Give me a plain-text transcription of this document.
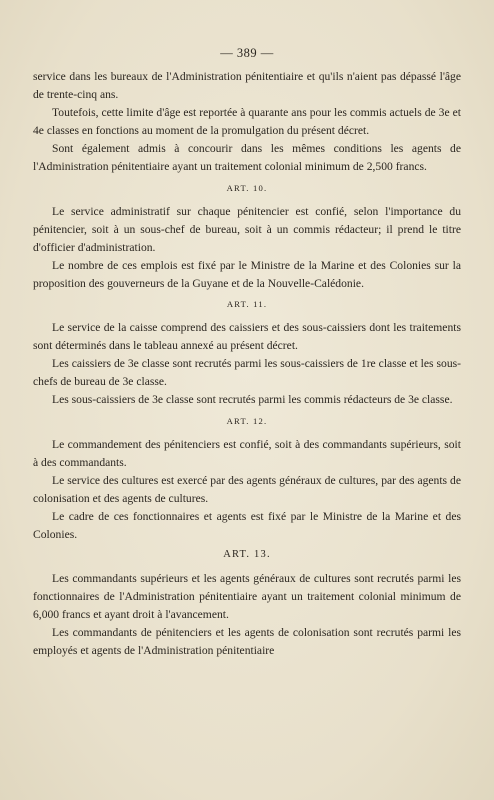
— 389 —

service dans les bureaux de l'Administration pénitentiaire et qu'ils n'aient pas dépassé l'âge de trente-cinq ans.

Toutefois, cette limite d'âge est reportée à quarante ans pour les commis actuels de 3e et 4e classes en fonctions au moment de la promulgation du présent décret.

Sont également admis à concourir dans les mêmes conditions les agents de l'Administration pénitentiaire ayant un traitement colonial minimum de 2,500 francs.

ART. 10.

Le service administratif sur chaque pénitencier est confié, selon l'importance du pénitencier, soit à un sous-chef de bureau, soit à un commis rédacteur; il prend le titre d'officier d'administration.

Le nombre de ces emplois est fixé par le Ministre de la Marine et des Colonies sur la proposition des gouverneurs de la Guyane et de la Nouvelle-Calédonie.

ART. 11.

Le service de la caisse comprend des caissiers et des sous-caissiers dont les traitements sont déterminés dans le tableau annexé au présent décret.

Les caissiers de 3e classe sont recrutés parmi les sous-caissiers de 1re classe et les sous-chefs de bureau de 3e classe.

Les sous-caissiers de 3e classe sont recrutés parmi les commis rédacteurs de 3e classe.

ART. 12.

Le commandement des pénitenciers est confié, soit à des commandants supérieurs, soit à des commandants.

Le service des cultures est exercé par des agents généraux de cultures, par des agents de colonisation et des agents de cultures.

Le cadre de ces fonctionnaires et agents est fixé par le Ministre de la Marine et des Colonies.

ART. 13.

Les commandants supérieurs et les agents généraux de cultures sont recrutés parmi les fonctionnaires de l'Administration pénitentiaire ayant un traitement colonial minimum de 6,000 francs et ayant droit à l'avancement.

Les commandants de pénitenciers et les agents de colonisation sont recrutés parmi les employés et agents de l'Administration pénitentiaire
